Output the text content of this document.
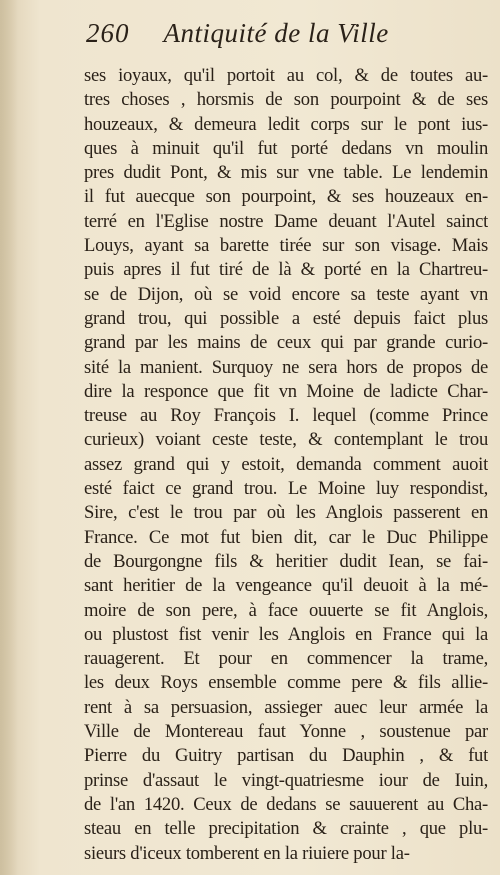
260 Antiquité de la Ville
ses ioyaux, qu'il portoit au col, & de toutes au-
tres choses , horsmis de son pourpoint & de ses
houzeaux, & demeura ledit corps sur le pont ius-
ques à minuit qu'il fut porté dedans vn moulin
pres dudit Pont, & mis sur vne table. Le lendemin
il fut auecque son pourpoint, & ses houzeaux en-
terré en l'Eglise nostre Dame deuant l'Autel sainct
Louys, ayant sa barette tirée sur son visage. Mais
puis apres il fut tiré de là & porté en la Chartreu-
se de Dijon, où se void encore sa teste ayant vn
grand trou, qui possible a esté depuis faict plus
grand par les mains de ceux qui par grande curio-
sité la manient. Surquoy ne sera hors de propos de
dire la responce que fit vn Moine de ladicte Char-
treuse au Roy François I. lequel (comme Prince
curieux) voiant ceste teste, & contemplant le trou
assez grand qui y estoit, demanda comment auoit
esté faict ce grand trou. Le Moine luy respondist,
Sire, c'est le trou par où les Anglois passerent en
France. Ce mot fut bien dit, car le Duc Philippe
de Bourgongne fils & heritier dudit Iean, se fai-
sant heritier de la vengeance qu'il deuoit à la mé-
moire de son pere, à face ouuerte se fit Anglois,
ou plustost fist venir les Anglois en France qui la
rauagerent. Et pour en commencer la trame,
les deux Roys ensemble comme pere & fils allie-
rent à sa persuasion, assieger auec leur armée la
Ville de Montereau faut Yonne , soustenue par
Pierre du Guitry partisan du Dauphin , & fut
prinse d'assaut le vingt-quatriesme iour de Iuin,
de l'an 1420. Ceux de dedans se sauuerent au Cha-
steau en telle precipitation & crainte , que plu-
sieurs d'iceux tomberent en la riuiere pour la-
